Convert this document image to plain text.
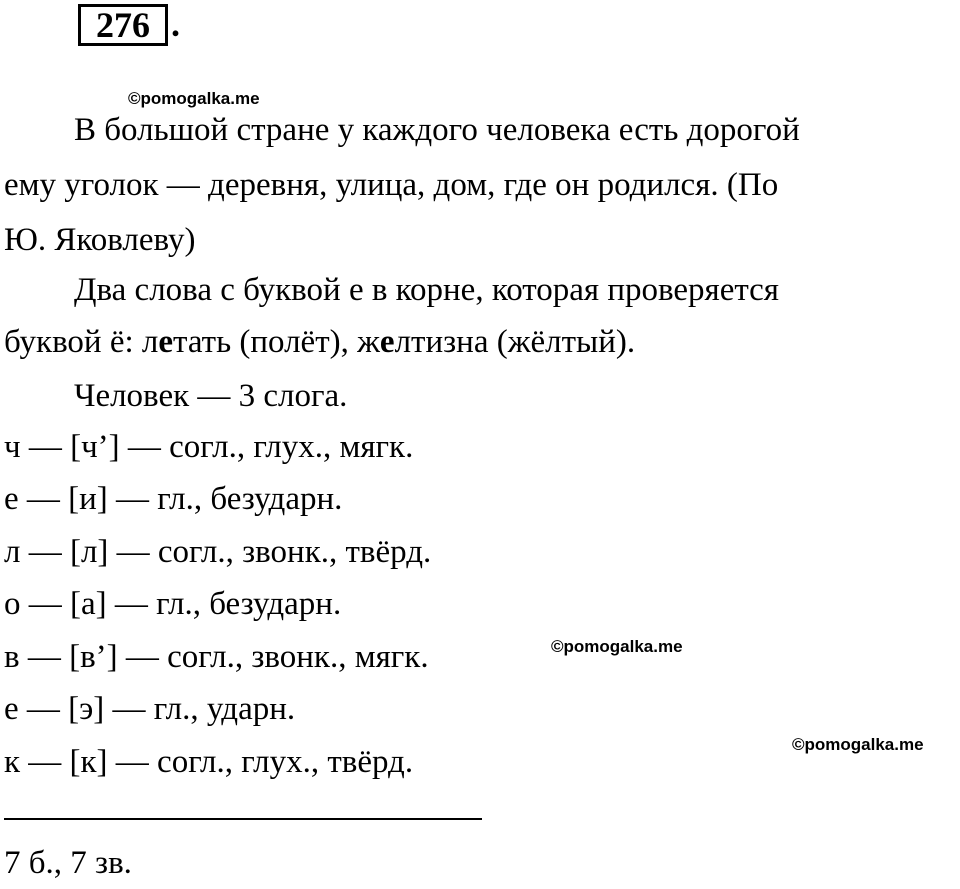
276 .
©pomogalka.me
В большой стране у каждого человека есть дорогой
ему уголок — деревня, улица, дом, где он родился. (По
Ю. Яковлеву)
Два слова с буквой е в корне, которая проверяется
буквой ё: летать (полёт), желтизна (жёлтый).
Человек — 3 слога.
ч — [ч’] — согл., глух., мягк.
е — [и] — гл., безударн.
л — [л] — согл., звонк., твёрд.
о — [а] — гл., безударн.
в — [в’] — согл., звонк., мягк.
е — [э] — гл., ударн.
к — [к] — согл., глух., твёрд.
©pomogalka.me
©pomogalka.me
7 б., 7 зв.
